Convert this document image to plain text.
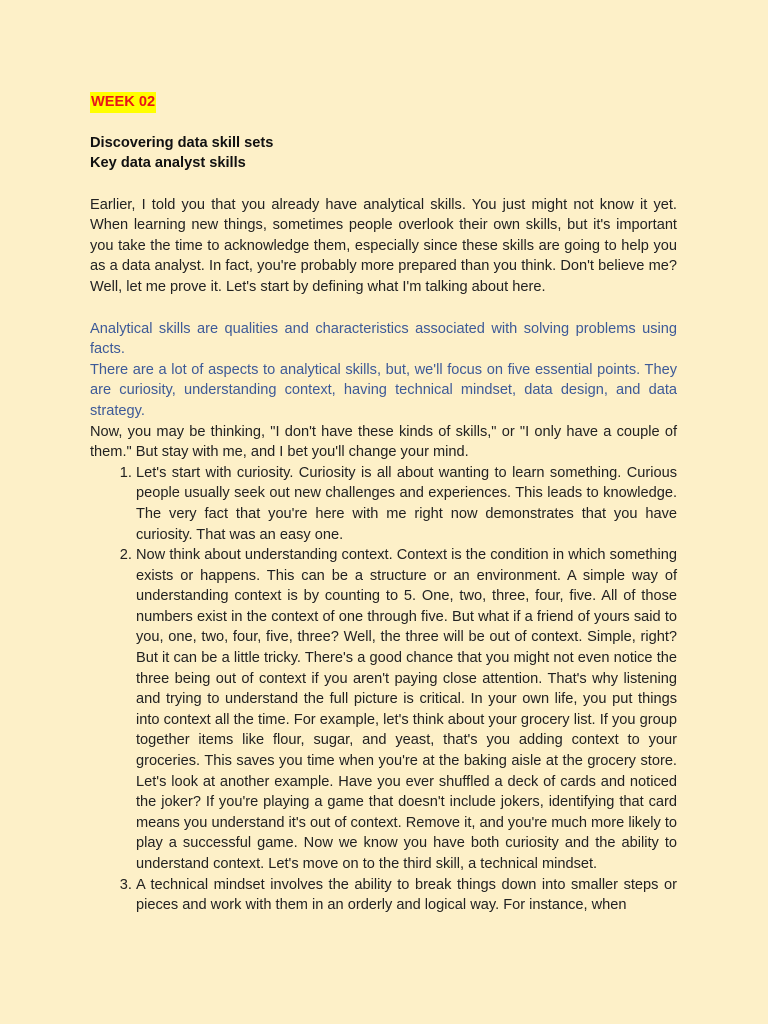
WEEK 02
Discovering data skill sets
Key data analyst skills

Earlier, I told you that you already have analytical skills. You just might not know it yet. When learning new things, sometimes people overlook their own skills, but it's important you take the time to acknowledge them, especially since these skills are going to help you as a data analyst. In fact, you're probably more prepared than you think. Don't believe me? Well, let me prove it. Let's start by defining what I'm talking about here.

Analytical skills are qualities and characteristics associated with solving problems using facts.

There are a lot of aspects to analytical skills, but, we'll focus on five essential points. They are curiosity, understanding context, having technical mindset, data design, and data strategy.

Now, you may be thinking, "I don't have these kinds of skills," or "I only have a couple of them." But stay with me, and I bet you'll change your mind.

1. Let's start with curiosity. Curiosity is all about wanting to learn something. Curious people usually seek out new challenges and experiences. This leads to knowledge. The very fact that you're here with me right now demonstrates that you have curiosity. That was an easy one.
2. Now think about understanding context. Context is the condition in which something exists or happens. This can be a structure or an environment. A simple way of understanding context is by counting to 5. One, two, three, four, five. All of those numbers exist in the context of one through five. But what if a friend of yours said to you, one, two, four, five, three? Well, the three will be out of context. Simple, right? But it can be a little tricky. There's a good chance that you might not even notice the three being out of context if you aren't paying close attention. That's why listening and trying to understand the full picture is critical. In your own life, you put things into context all the time. For example, let's think about your grocery list. If you group together items like flour, sugar, and yeast, that's you adding context to your groceries. This saves you time when you're at the baking aisle at the grocery store. Let's look at another example. Have you ever shuffled a deck of cards and noticed the joker? If you're playing a game that doesn't include jokers, identifying that card means you understand it's out of context. Remove it, and you're much more likely to play a successful game. Now we know you have both curiosity and the ability to understand context. Let's move on to the third skill, a technical mindset.
3. A technical mindset involves the ability to break things down into smaller steps or pieces and work with them in an orderly and logical way. For instance, when
